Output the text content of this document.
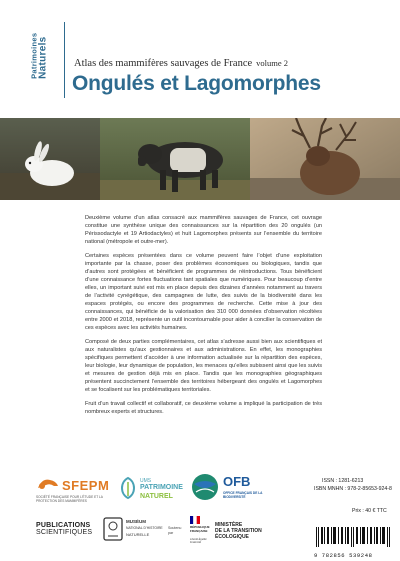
Patrimoines
Naturels Atlas des mammifères sauvages de France volume 2
Ongulés et Lagomorphes

Deuxième volume d’un atlas consacré aux mammifères sauvages de France, cet ouvrage constitue une synthèse unique des connaissances sur la répartition des 20 ongulés (un Périssodactyle et 19 Artiodactyles) et huit Lagomorphes présents sur l’ensemble du territoire national (métropole et outre-mer).

Certaines espèces présentées dans ce volume peuvent faire l’objet d’une exploitation importante par la chasse, poser des problèmes économiques ou biologiques, tandis que d’autres sont protégées et bénéficient de programmes de réintroductions. Tous bénéficient d’une connaissance fortes fluctuations tant spatiales que numériques. Pour beaucoup d’entre elles, un important suivi est mis en place depuis des dizaines d’années notamment au travers de l’activité cynégétique, des campagnes de lutte, des suivis de la biodiversité dans les espaces protégés, ou encore des programmes de recherche. Cette mise à jour des connaissances, qui bénéficie de la valorisation des 310 000 données d’observation récoltées entre 2000 et 2018, représente un outil incontournable pour aider à concilier la conservation de ces espèces avec les activités humaines.

Composé de deux parties complémentaires, cet atlas s’adresse aussi bien aux scientifiques et aux naturalistes qu’aux gestionnaires et aux administrations. En effet, les monographies spécifiques permettent d’accéder à une information actualisée sur la répartition des espèces, leur biologie, leur dynamique de population, les menaces qu’elles subissent ainsi que les suivis et mesures de gestion déjà mis en place. Tandis que les monographies géographiques présentent succinctement l’ensemble des territoires hébergeant des ongulés et Lagomorphes et se focalisent sur les problématiques territoriales.

Fruit d’un travail collectif et collaboratif, ce deuxième volume a impliqué la participation de très nombreux experts et structures.

SFEPM
SOCIÉTÉ FRANÇAISE POUR L’ÉTUDE ET LA PROTECTION DES MAMMIFÈRES
UMS
PATRIMOINE
NATUREL
OFB
OFFICE FRANÇAIS DE LA BIODIVERSITÉ
PUBLICATIONS
SCIENTIFIQUES
MUSÉUM
NATIONAL D’HISTOIRE
NATURELLE
Soutenu par
RÉPUBLIQUE FRANÇAISE
Liberté Égalité Fraternité
MINISTÈRE
DE LA TRANSITION
ÉCOLOGIQUE
ISSN : 1281-6213
ISBN MNHN : 978-2-85653-924-8
Prix : 40 € TTC
9 782856 539248
